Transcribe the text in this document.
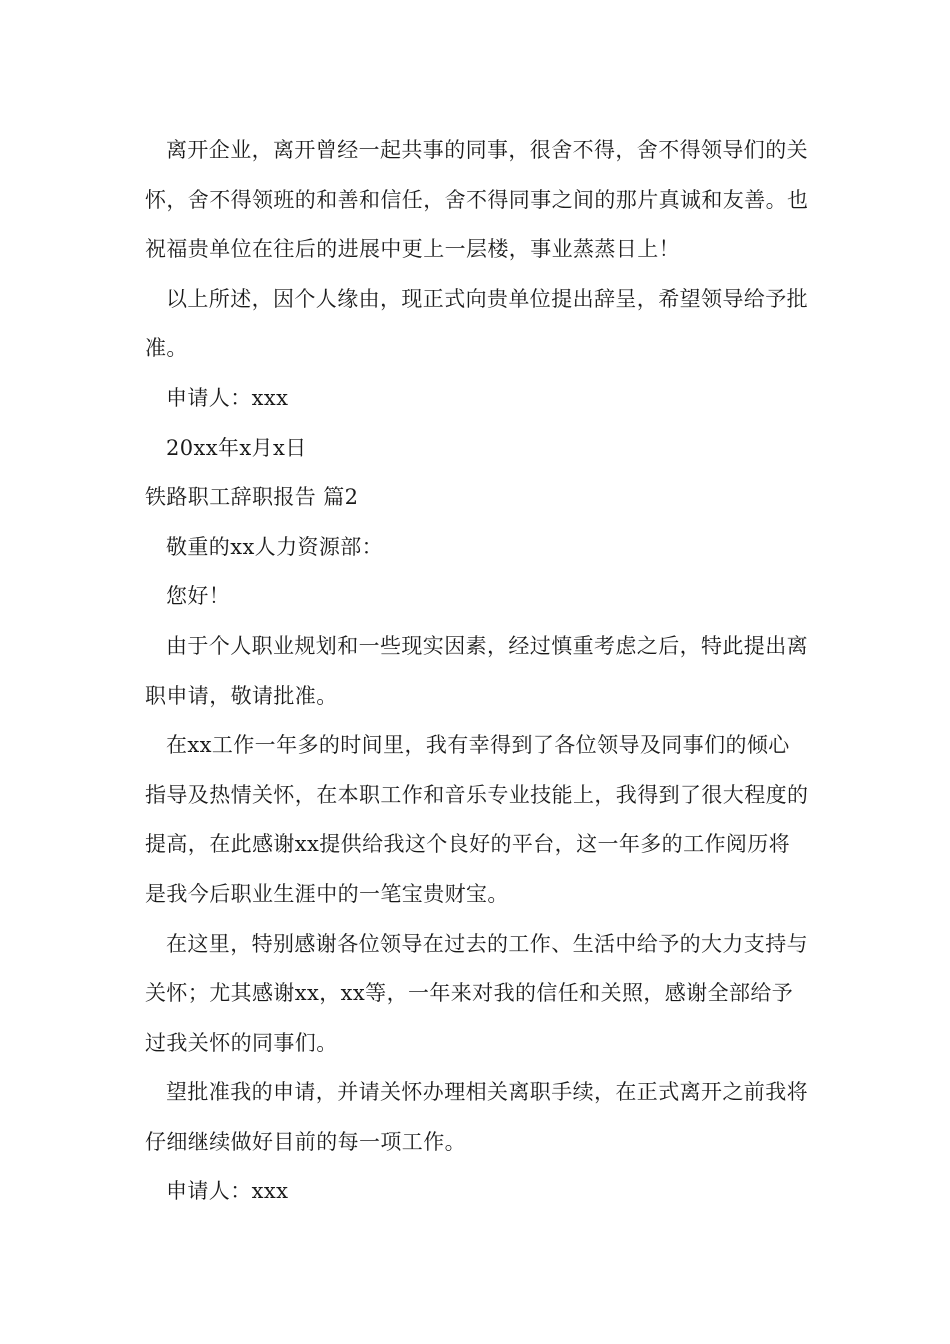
离开企业，离开曾经一起共事的同事，很舍不得，舍不得领导们的关怀，舍不得领班的和善和信任，舍不得同事之间的那片真诚和友善。也祝福贵单位在往后的进展中更上一层楼，事业蒸蒸日上！

以上所述，因个人缘由，现正式向贵单位提出辞呈，希望领导给予批准。

申请人：xxx

20xx年x月x日

铁路职工辞职报告 篇2

敬重的xx人力资源部：

您好！

由于个人职业规划和一些现实因素，经过慎重考虑之后，特此提出离职申请，敬请批准。

在xx工作一年多的时间里，我有幸得到了各位领导及同事们的倾心指导及热情关怀，在本职工作和音乐专业技能上，我得到了很大程度的提高，在此感谢xx提供给我这个良好的平台，这一年多的工作阅历将是我今后职业生涯中的一笔宝贵财宝。

在这里，特别感谢各位领导在过去的工作、生活中给予的大力支持与关怀；尤其感谢xx，xx等，一年来对我的信任和关照，感谢全部给予过我关怀的同事们。

望批准我的申请，并请关怀办理相关离职手续，在正式离开之前我将仔细继续做好目前的每一项工作。

申请人：xxx
